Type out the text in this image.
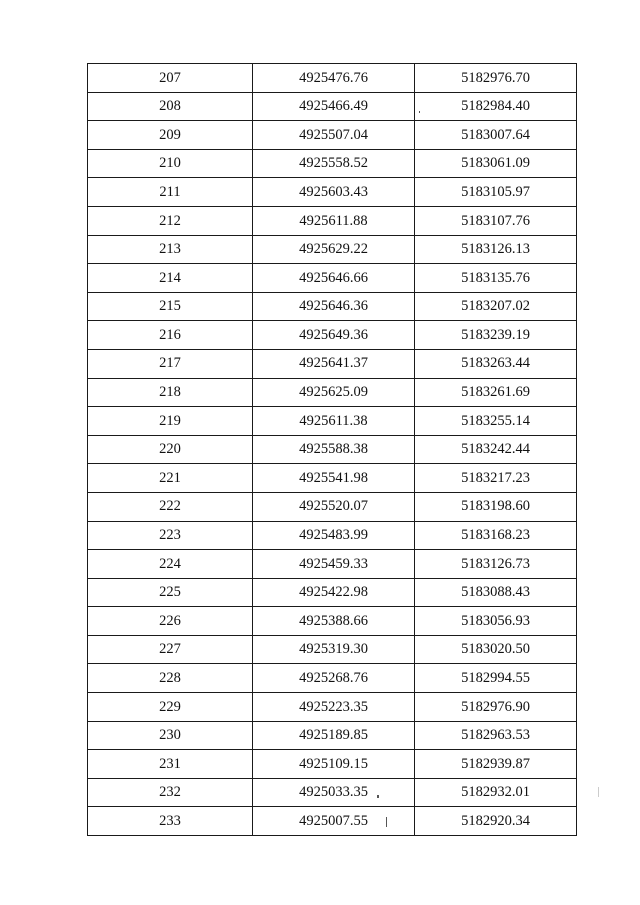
207	4925476.76	5182976.70
208	4925466.49	5182984.40
209	4925507.04	5183007.64
210	4925558.52	5183061.09
211	4925603.43	5183105.97
212	4925611.88	5183107.76
213	4925629.22	5183126.13
214	4925646.66	5183135.76
215	4925646.36	5183207.02
216	4925649.36	5183239.19
217	4925641.37	5183263.44
218	4925625.09	5183261.69
219	4925611.38	5183255.14
220	4925588.38	5183242.44
221	4925541.98	5183217.23
222	4925520.07	5183198.60
223	4925483.99	5183168.23
224	4925459.33	5183126.73
225	4925422.98	5183088.43
226	4925388.66	5183056.93
227	4925319.30	5183020.50
228	4925268.76	5182994.55
229	4925223.35	5182976.90
230	4925189.85	5182963.53
231	4925109.15	5182939.87
232	4925033.35	5182932.01
233	4925007.55	5182920.34
